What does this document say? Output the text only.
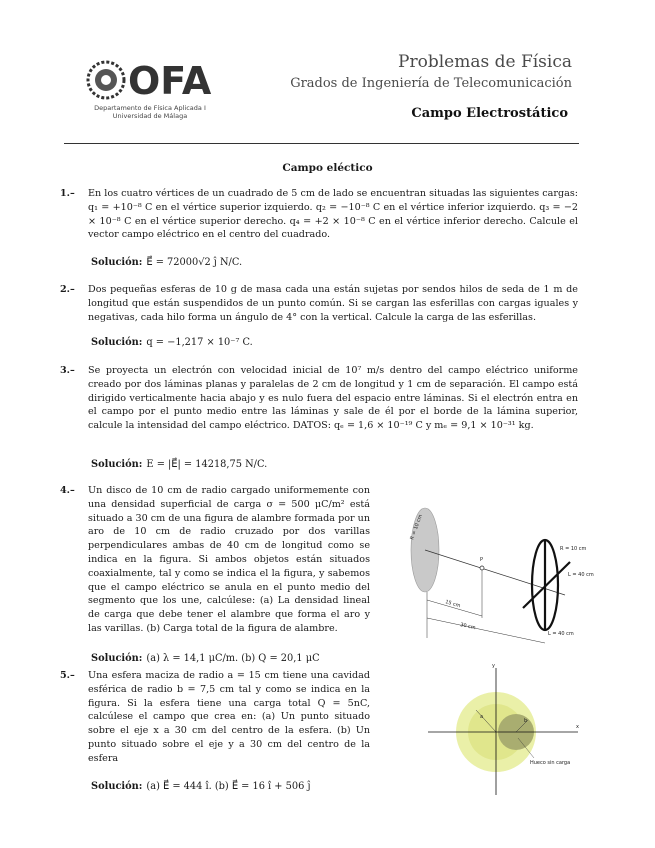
OFA
Departamento de Física Aplicada I
Universidad de Málaga
Problemas de Física
Grados de Ingeniería de Telecomunicación
Campo Electrostático
Campo eléctico
1.– En los cuatro vértices de un cuadrado de 5 cm de lado se encuentran situadas las siguientes cargas: q₁ = +10⁻⁸ C en el vértice superior izquierdo. q₂ = −10⁻⁸ C en el vértice inferior izquierdo. q₃ = −2 × 10⁻⁸ C en el vértice superior derecho. q₄ = +2 × 10⁻⁸ C en el vértice inferior derecho. Calcule el vector campo eléctrico en el centro del cuadrado.
Solución: E⃗ = 72000√2 ĵ N/C.
2.– Dos pequeñas esferas de 10 g de masa cada una están sujetas por sendos hilos de seda de 1 m de longitud que están suspendidos de un punto común. Si se cargan las esferillas con cargas iguales y negativas, cada hilo forma un ángulo de 4° con la vertical. Calcule la carga de las esferillas.
Solución: q = −1,217 × 10⁻⁷ C.
3.– Se proyecta un electrón con velocidad inicial de 10⁷ m/s dentro del campo eléctrico uniforme creado por dos láminas planas y paralelas de 2 cm de longitud y 1 cm de separación. El campo está dirigido verticalmente hacia abajo y es nulo fuera del espacio entre láminas. Si el electrón entra en el campo por el punto medio entre las láminas y sale de él por el borde de la lámina superior, calcule la intensidad del campo eléctrico. DATOS: qₑ = 1,6 × 10⁻¹⁹ C y mₑ = 9,1 × 10⁻³¹ kg.
Solución: E = |E⃗| = 14218,75 N/C.
4.– Un disco de 10 cm de radio cargado uniformemente con una densidad superficial de carga σ = 500 μC/m² está situado a 30 cm de una figura de alambre formada por un aro de 10 cm de radio cruzado por dos varillas perpendiculares ambas de 40 cm de longitud como se indica en la figura. Si ambos objetos están situados coaxialmente, tal y como se indica el la figura, y sabemos que el campo eléctrico se anula en el punto medio del segmento que los une, calcúlese: (a) La densidad lineal de carga que debe tener el alambre que forma el aro y las varillas. (b) Carga total de la figura de alambre.
Solución: (a) λ = 14,1 μC/m. (b) Q = 20,1 μC
5.– Una esfera maciza de radio a = 15 cm tiene una cavidad esférica de radio b = 7,5 cm tal y como se indica en la figura. Si la esfera tiene una carga total Q = 5nC, calcúlese el campo que crea en: (a) Un punto situado sobre el eje x a 30 cm del centro de la esfera. (b) Un punto situado sobre el eje y a 30 cm del centro de la esfera
Solución: (a) E⃗ = 444 î. (b) E⃗ = 16 î + 506 ĵ
R = 10 cm
P
15 cm
30 cm
R = 10 cm
L = 40 cm
L = 40 cm
y
x
a
b
Hueco sin carga
